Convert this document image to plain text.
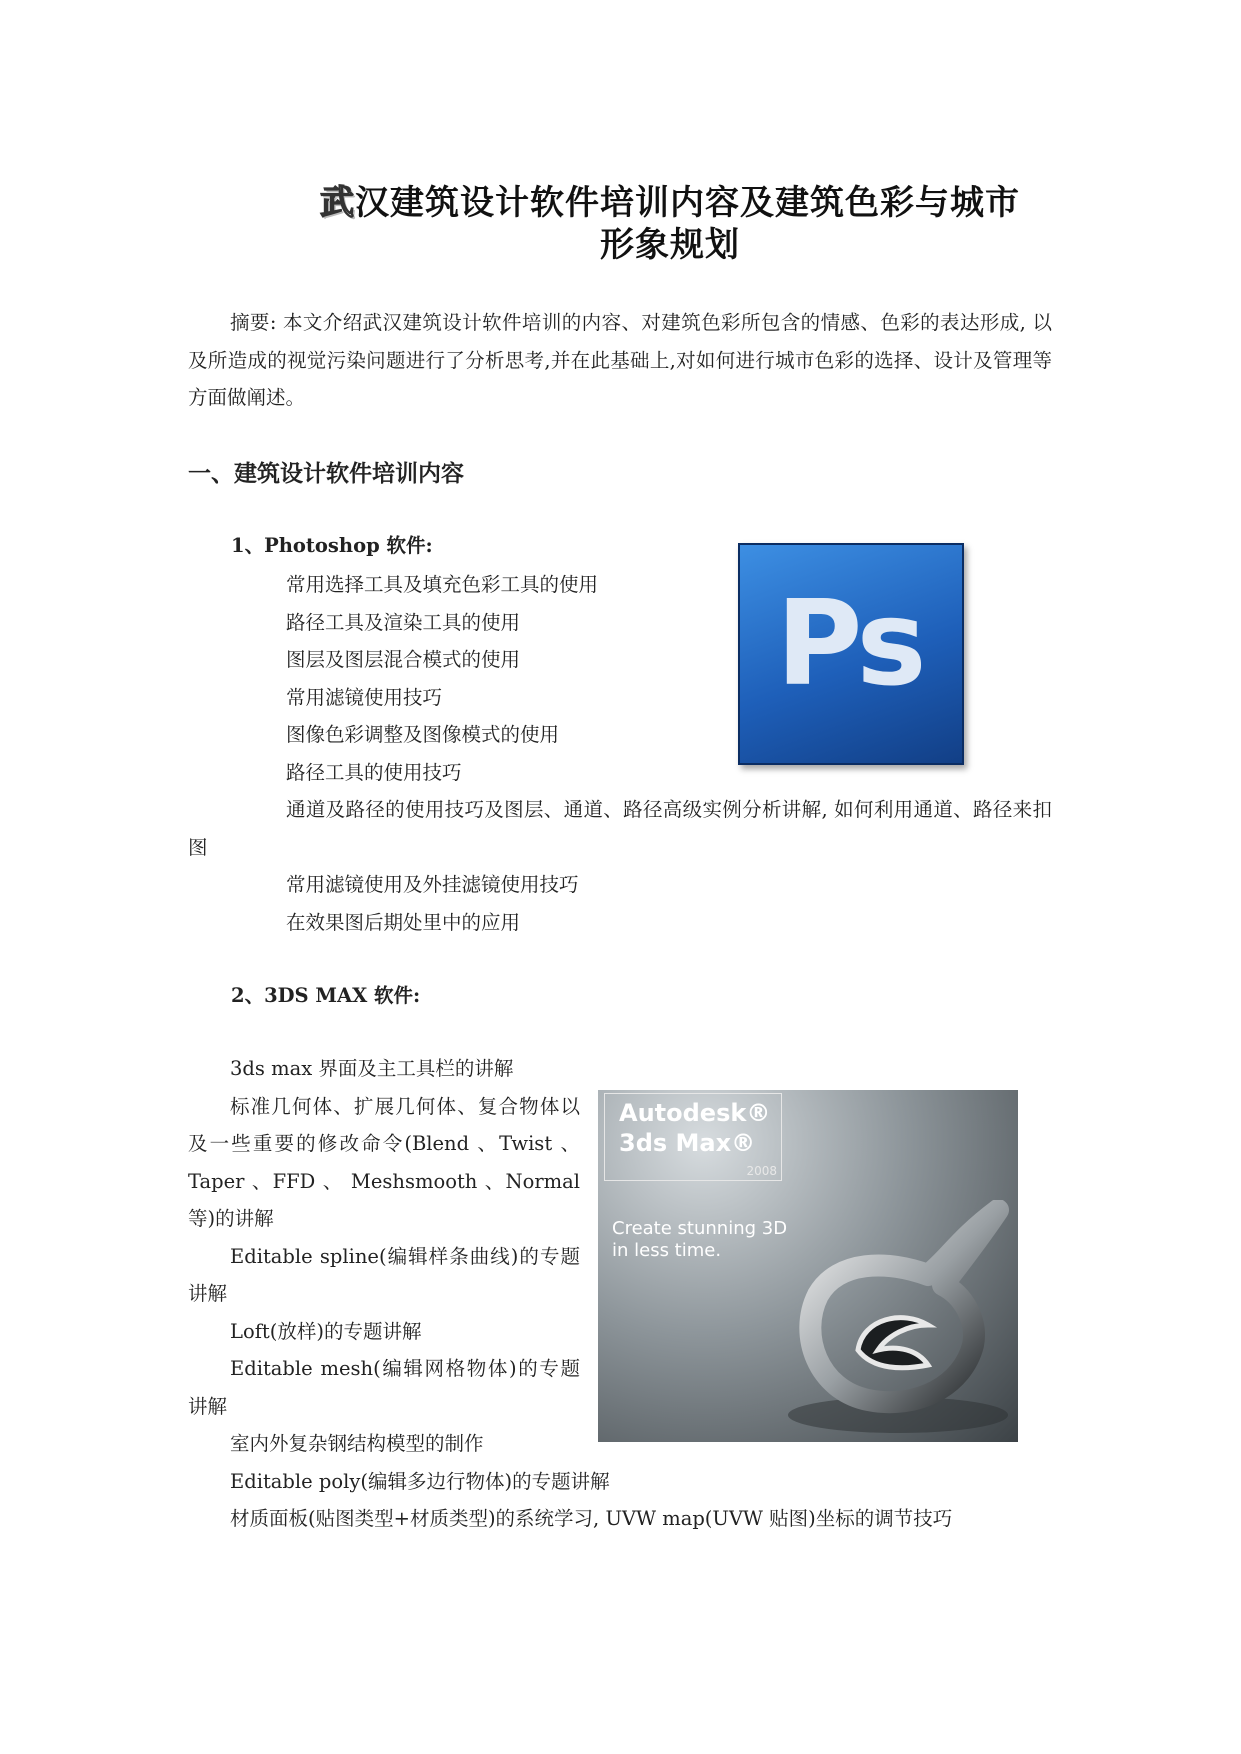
武汉建筑设计软件培训内容及建筑色彩与城市
形象规划
摘要: 本文介绍武汉建筑设计软件培训的内容、对建筑色彩所包含的情感、色彩的表达形成, 以及所造成的视觉污染问题进行了分析思考,并在此基础上,对如何进行城市色彩的选择、设计及管理等方面做阐述。
一、建筑设计软件培训内容
1、Photoshop 软件:
常用选择工具及填充色彩工具的使用
路径工具及渲染工具的使用
图层及图层混合模式的使用
常用滤镜使用技巧
图像色彩调整及图像模式的使用
路径工具的使用技巧
通道及路径的使用技巧及图层、通道、路径高级实例分析讲解, 如何利用通道、路径来扣图
常用滤镜使用及外挂滤镜使用技巧
在效果图后期处里中的应用
Ps
2、3DS MAX 软件:
3ds max 界面及主工具栏的讲解
标准几何体、扩展几何体、复合物体以及一些重要的修改命令(Blend 、Twist 、Taper 、FFD 、 Meshsmooth 、Normal 等)的讲解
Editable spline(编辑样条曲线)的专题讲解
Loft(放样)的专题讲解
Editable mesh(编辑网格物体)的专题讲解
室内外复杂钢结构模型的制作
Editable poly(编辑多边行物体)的专题讲解
材质面板(贴图类型+材质类型)的系统学习, UVW map(UVW 贴图)坐标的调节技巧
Autodesk®
3ds Max®
2008
Create stunning 3D
in less time.
